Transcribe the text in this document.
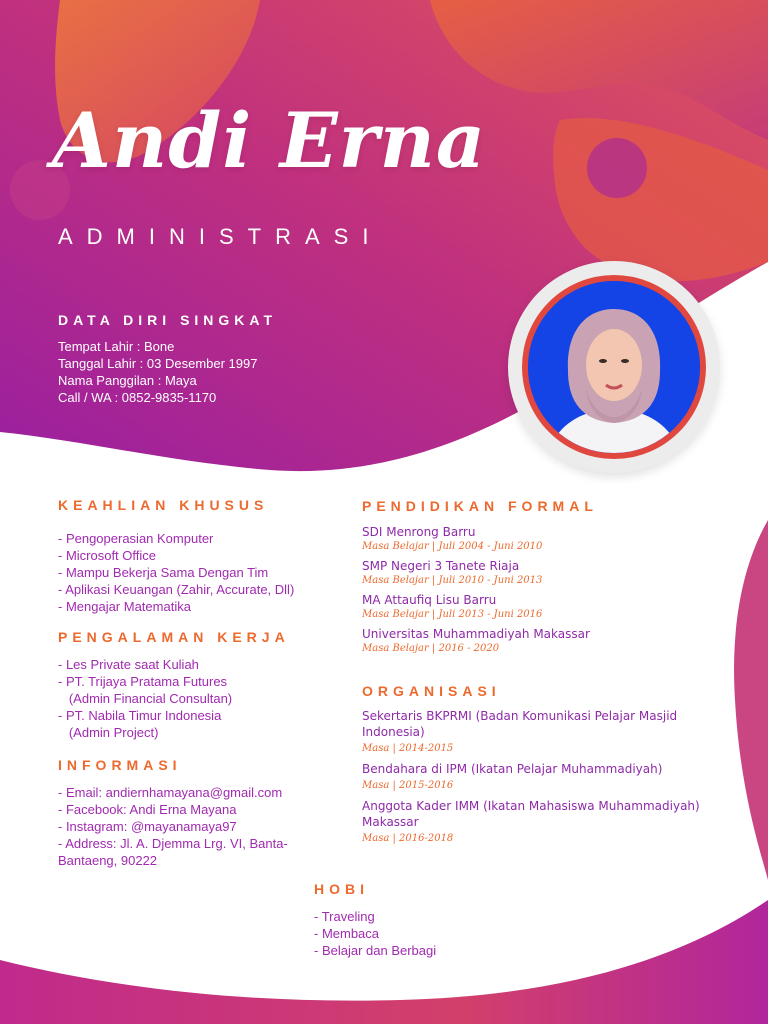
Andi Erna
ADMINISTRASI
DATA DIRI SINGKAT
Tempat Lahir : Bone
Tanggal Lahir : 03 Desember 1997
Nama Panggilan : Maya
Call / WA : 0852-9835-1170
KEAHLIAN KHUSUS
- Pengoperasian Komputer
- Microsoft Office
- Mampu Bekerja Sama Dengan Tim
- Aplikasi Keuangan (Zahir, Accurate, Dll)
- Mengajar Matematika
PENGALAMAN KERJA
- Les Private saat Kuliah
- PT. Trijaya Pratama Futures
(Admin Financial Consultan)
- PT. Nabila Timur Indonesia
(Admin Project)
INFORMASI
- Email: andiernhamayana@gmail.com
- Facebook: Andi Erna Mayana
- Instagram: @mayanamaya97
- Address: Jl. A. Djemma Lrg. VI, Banta-
Bantaeng, 90222
PENDIDIKAN FORMAL

SDI Menrong Barru

Masa Belajar | Juli 2004 - Juni 2010

SMP Negeri 3 Tanete Riaja

Masa Belajar | Juli 2010 - Juni 2013

MA Attaufiq Lisu Barru

Masa Belajar | Juli 2013 - Juni 2016

Universitas Muhammadiyah Makassar

Masa Belajar | 2016 - 2020

ORGANISASI

Sekertaris BKPRMI (Badan Komunikasi Pelajar Masjid Indonesia)

Masa | 2014-2015

Bendahara di IPM (Ikatan Pelajar Muhammadiyah)

Masa | 2015-2016

Anggota Kader IMM (Ikatan Mahasiswa Muhammadiyah) Makassar

Masa | 2016-2018

HOBI
- Traveling
- Membaca
- Belajar dan Berbagi
